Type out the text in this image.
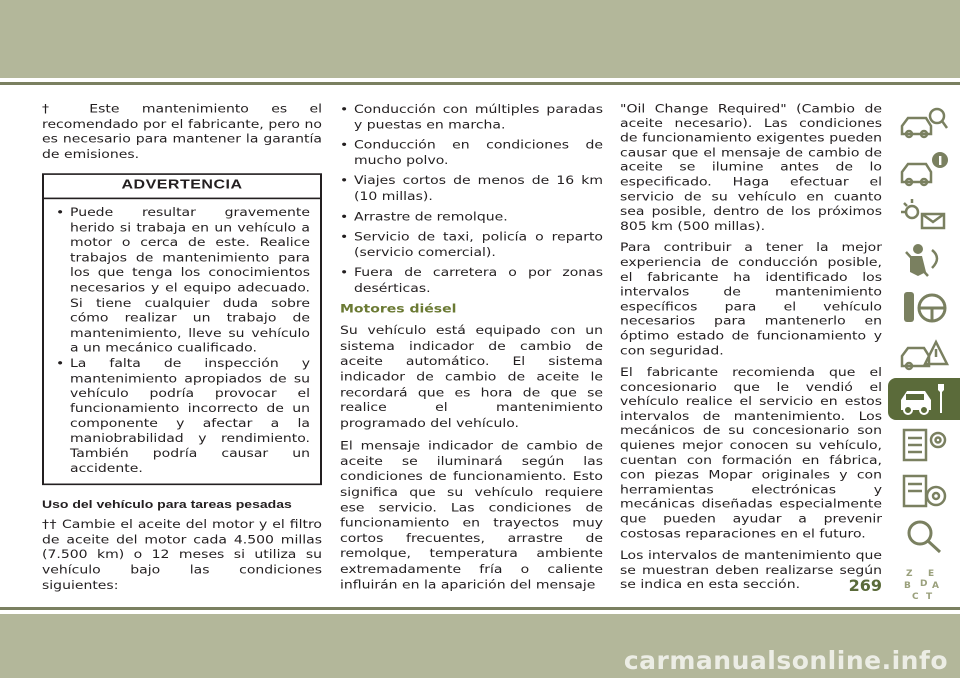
† Este mantenimiento es el recomendado por el fabricante, pero no es necesario para mantener la garantía de emisiones.

ADVERTENCIA
• Puede resultar gravemente herido si trabaja en un vehículo a motor o cerca de este. Realice trabajos de mantenimiento para los que tenga los conocimientos necesarios y el equipo adecuado. Si tiene cualquier duda sobre cómo realizar un trabajo de mantenimiento, lleve su vehículo a un mecánico cualificado.
• La falta de inspección y mantenimiento apropiados de su vehículo podría provocar el funcionamiento incorrecto de un componente y afectar a la maniobrabilidad y rendimiento. También podría causar un accidente.
Uso del vehículo para tareas pesadas

†† Cambie el aceite del motor y el filtro de aceite del motor cada 4.500 millas (7.500 km) o 12 meses si utiliza su vehículo bajo las condiciones siguientes:

• Conducción con múltiples paradas y puestas en marcha.
• Conducción en condiciones de mucho polvo.
• Viajes cortos de menos de 16 km (10 millas).
• Arrastre de remolque.
• Servicio de taxi, policía o reparto (servicio comercial).
• Fuera de carretera o por zonas desérticas.
Motores diésel

Su vehículo está equipado con un sistema indicador de cambio de aceite automático. El sistema indicador de cambio de aceite le recordará que es hora de que se realice el mantenimiento programado del vehículo.

El mensaje indicador de cambio de aceite se iluminará según las condiciones de funcionamiento. Esto significa que su vehículo requiere ese servicio. Las condiciones de funcionamiento en trayectos muy cortos frecuentes, arrastre de remolque, temperatura ambiente extremadamente fría o caliente influirán en la aparición del mensaje

"Oil Change Required" (Cambio de aceite necesario). Las condiciones de funcionamiento exigentes pueden causar que el mensaje de cambio de aceite se ilumine antes de lo especificado. Haga efectuar el servicio de su vehículo en cuanto sea posible, dentro de los próximos 805 km (500 millas).

Para contribuir a tener la mejor experiencia de conducción posible, el fabricante ha identificado los intervalos de mantenimiento específicos para el vehículo necesarios para mantenerlo en óptimo estado de funcionamiento y con seguridad.

El fabricante recomienda que el concesionario que le vendió el vehículo realice el servicio en estos intervalos de mantenimiento. Los mecánicos de su concesionario son quienes mejor conocen su vehículo, cuentan con formación en fábrica, con piezas Mopar originales y con herramientas electrónicas y mecánicas diseñadas especialmente que pueden ayudar a prevenir costosas reparaciones en el futuro.

Los intervalos de mantenimiento que se muestran deben realizarse según se indica en esta sección.

Z E
B A
C T
D
269
carmanualsonline.info
